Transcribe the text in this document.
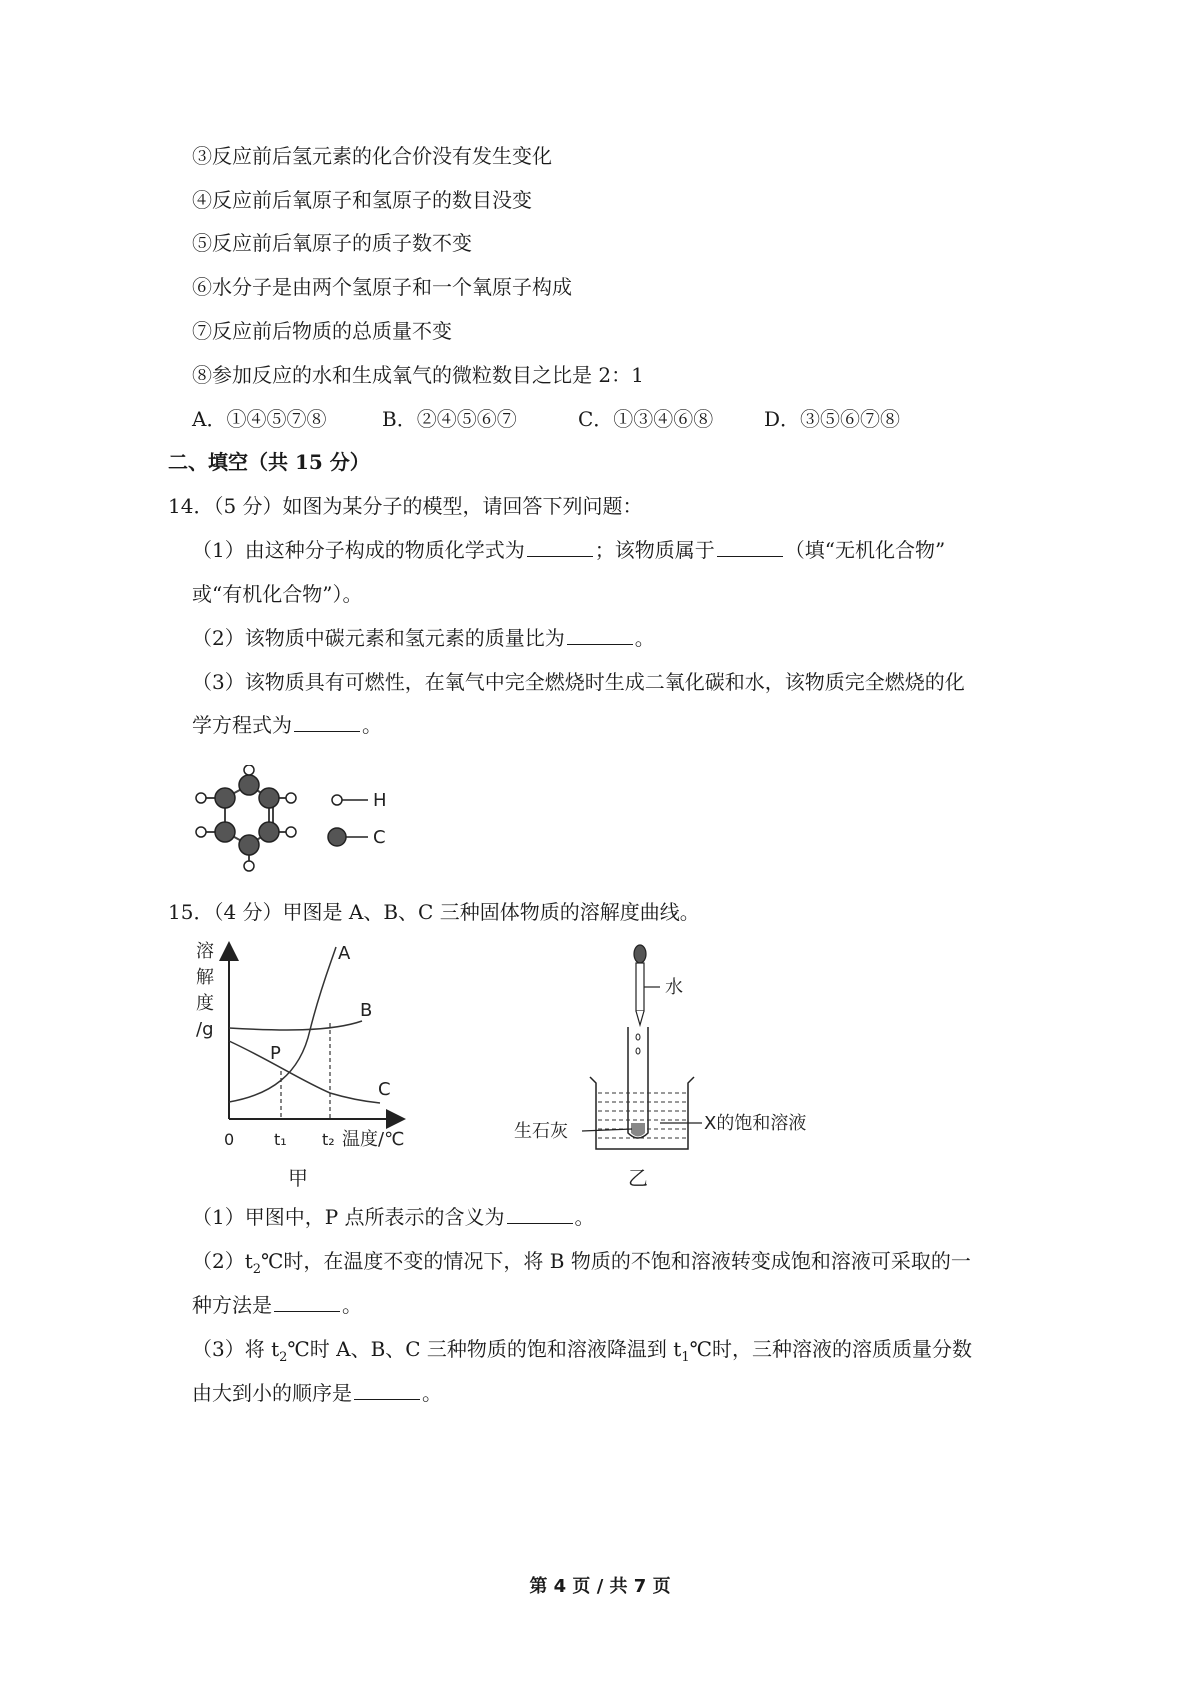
③反应前后氢元素的化合价没有发生变化
④反应前后氧原子和氢原子的数目没变
⑤反应前后氧原子的质子数不变
⑥水分子是由两个氢原子和一个氧原子构成
⑦反应前后物质的总质量不变
⑧参加反应的水和生成氧气的微粒数目之比是 2：1
A．①④⑤⑦⑧	B．②④⑤⑥⑦	C．①③④⑥⑧	D．③⑤⑥⑦⑧
二、填空（共 15 分）
14．（5 分）如图为某分子的模型，请回答下列问题：
（1）由这种分子构成的物质化学式为	；该物质属于	（填“无机化合物”
或“有机化合物”）。
（2）该物质中碳元素和氢元素的质量比为	。
（3）该物质具有可燃性，在氧气中完全燃烧时生成二氧化碳和水，该物质完全燃烧的化
学方程式为	。
H
C
15．（4 分）甲图是 A、B、C 三种固体物质的溶解度曲线。
溶
解
度
/g
A
B
C
P
0 t₁ t₂ 温度/℃
甲
水
生石灰	X的饱和溶液
乙
（1）甲图中，P 点所表示的含义为	。
$(2)t_2℃$时，在温度不变的情况下，将 B 物质的不饱和溶液转变成饱和溶液可采取的一
种方法是	。
（3）将 $t_2℃$时 A、B、C 三种物质的饱和溶液降温到 $t_1℃$时，三种溶液的溶质质量分数
由大到小的顺序是	。
第 4 页 / 共 7 页
